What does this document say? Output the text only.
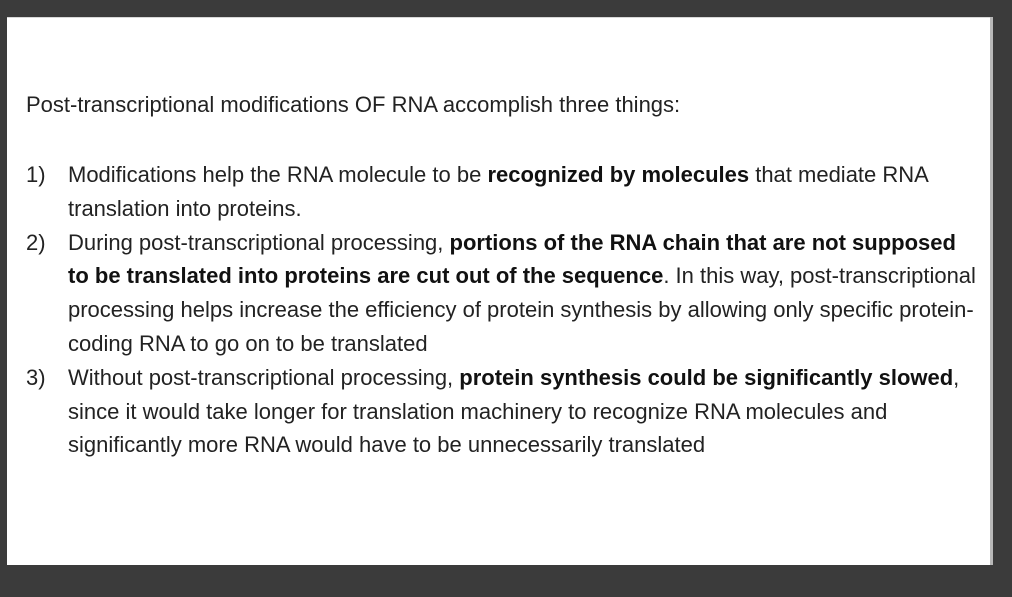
Post-transcriptional modifications OF RNA accomplish three things:
1) Modifications help the RNA molecule to be recognized by molecules that mediate RNA translation into proteins.
2) During post-transcriptional processing, portions of the RNA chain that are not supposed to be translated into proteins are cut out of the sequence. In this way, post-transcriptional processing helps increase the efficiency of protein synthesis by allowing only specific protein- coding RNA to go on to be translated
3) Without post-transcriptional processing, protein synthesis could be significantly slowed, since it would take longer for translation machinery to recognize RNA molecules and significantly more RNA would have to be unnecessarily translated
